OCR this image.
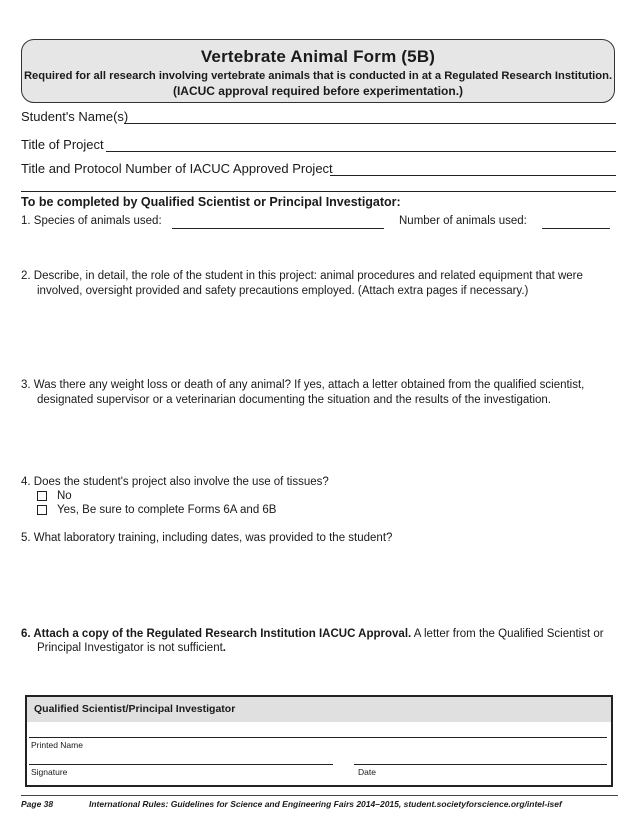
Vertebrate Animal Form (5B)
Required for all research involving vertebrate animals that is conducted in at a Regulated Research Institution.
(IACUC approval required before experimentation.)
Student's Name(s)
Title of Project
Title and Protocol Number of IACUC Approved Project
To be completed by Qualified Scientist or Principal Investigator:
1. Species of animals used:	Number of animals used:
2. Describe, in detail, the role of the student in this project: animal procedures and related equipment that were
involved, oversight provided and safety precautions employed. (Attach extra pages if necessary.)
3. Was there any weight loss or death of any animal? If yes, attach a letter obtained from the qualified scientist,
designated supervisor or a veterinarian documenting the situation and the results of the investigation.
4. Does the student's project also involve the use of tissues?
No
Yes, Be sure to complete Forms 6A and 6B
5. What laboratory training, including dates, was provided to the student?
6. Attach a copy of the Regulated Research Institution IACUC Approval. A letter from the Qualified Scientist or
Principal Investigator is not sufficient.
Qualified Scientist/Principal Investigator
Printed Name
Signature	Date
Page 38	International Rules: Guidelines for Science and Engineering Fairs 2014–2015, student.societyforscience.org/intel-isef
